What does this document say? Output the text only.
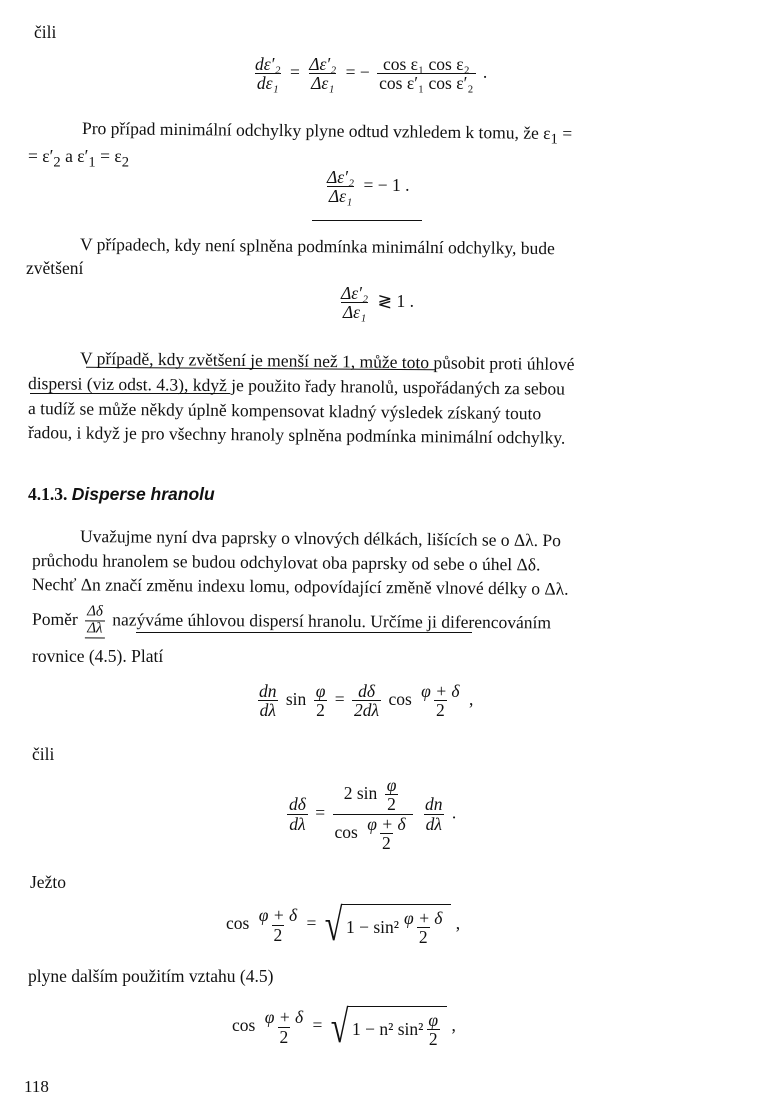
čili
$\frac{\text{dε′₂}}{\text{dε₁}} = \frac{\text{Δε′₂}}{\text{Δε₁}}$ = − $\frac{\text{cos ε₁ cos ε₂}}{\text{cos ε′₁ cos ε′₂}}$ .
Pro případ minimální odchylky plyne odtud vzhledem k tomu, že $\varepsilon_1$ =
= $\varepsilon'_2$ a $\varepsilon'_1 = \varepsilon_2$
$\frac{\text{Δε′₂}}{\text{Δε₁}}$ = − 1 .
V případech, kdy není splněna podmínka minimální odchylky, bude
zvětšení
$\frac{\text{Δε′₂}}{\text{Δε₁}}$ ≷ 1 .
V případě, kdy zvětšení je menší než 1, může toto působit proti úhlové
dispersi (viz odst. 4.3), když je použito řady hranolů, uspořádaných za sebou
a tudíž se může někdy úplně kompensovat kladný výsledek získaný touto
řadou, i když je pro všechny hranoly splněna podmínka minimální odchylky.
4.1.3. Disperse hranolu
Uvažujme nyní dva paprsky o vlnových délkách, lišících se o Δλ. Po
průchodu hranolem se budou odchylovat oba paprsky od sebe o úhel Δδ.
Nechť Δn značí změnu indexu lomu, odpovídající změně vlnové délky o Δλ.
Poměr $\frac{\Delta\delta}{\Delta\lambda}$ nazýváme úhlovou dispersí hranolu. Určíme ji diferencováním
rovnice (4.5). Platí
$\frac{dn}{d\lambda}$ $\sin \frac{\varphi}{2} = \frac{d\delta}{2d\lambda}$ $\cos \frac{\varphi + \delta}{2}$ ,
čili
$\frac{d\delta}{d\lambda} = \frac{2 \sin \frac{\varphi}{2}}{\cos \frac{\varphi + \delta}{2}}$
$\frac{dn}{d\lambda}$ .
Ježto
$\cos \frac{\varphi + \delta}{2}$ = √ $1 - \sin^2 \frac{\varphi + \delta}{2}$ ,
plyne dalším použitím vztahu (4.5)
$\cos \frac{\varphi + \delta}{2}$ = √ 1 − n² $\sin^2 \frac{\varphi}{2}$ ,
118
